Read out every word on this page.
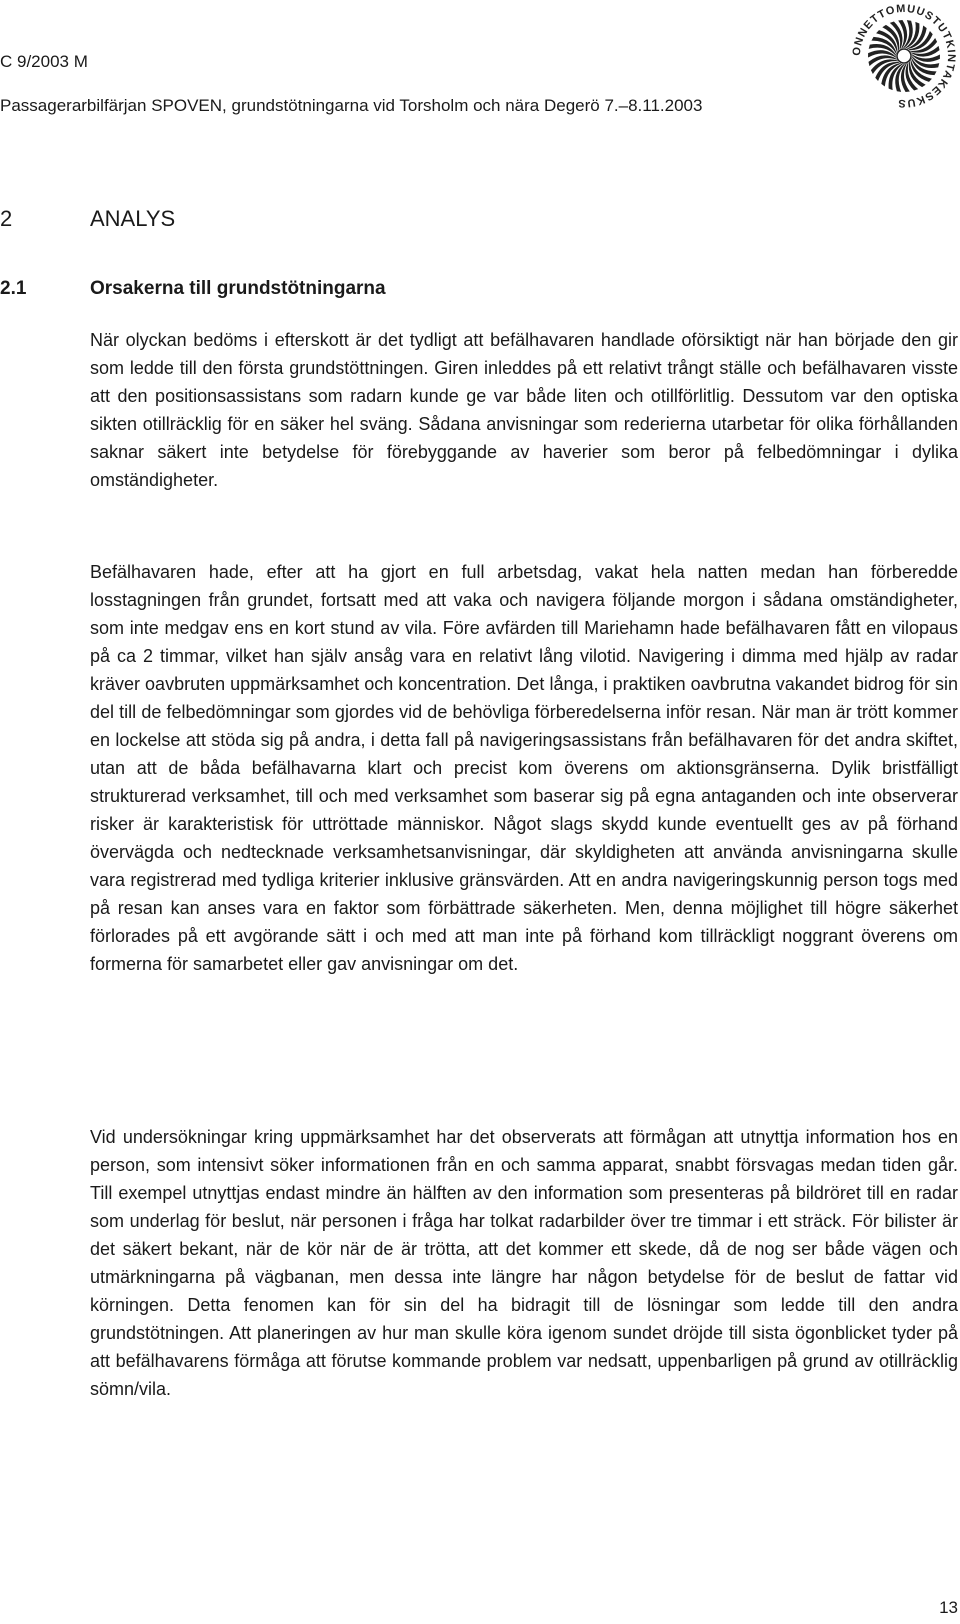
C 9/2003 M
Passagerarbilfärjan SPOVEN, grundstötningarna vid Torsholm och nära Degerö 7.–8.11.2003
ONNETTOMUUSTUTKINTAKESKUS
2	ANALYS
2.1	Orsakerna till grundstötningarna

När olyckan bedöms i efterskott är det tydligt att befälhavaren handlade oförsiktigt när han började den gir som ledde till den första grundstöttningen. Giren inleddes på ett relativt trångt ställe och befälhavaren visste att den positionsassistans som radarn kunde ge var både liten och otillförlitlig. Dessutom var den optiska sikten otillräcklig för en säker hel sväng. Sådana anvisningar som rederierna utarbetar för olika förhållanden saknar säkert inte betydelse för förebyggande av haverier som beror på felbedömningar i dylika omständigheter.

Befälhavaren hade, efter att ha gjort en full arbetsdag, vakat hela natten medan han förberedde losstagningen från grundet, fortsatt med att vaka och navigera följande morgon i sådana omständigheter, som inte medgav ens en kort stund av vila. Före avfärden till Mariehamn hade befälhavaren fått en vilopaus på ca 2 timmar, vilket han själv ansåg vara en relativt lång vilotid. Navigering i dimma med hjälp av radar kräver oavbruten uppmärksamhet och koncentration. Det långa, i praktiken oavbrutna vakandet bidrog för sin del till de felbedömningar som gjordes vid de behövliga förberedelserna inför resan. När man är trött kommer en lockelse att stöda sig på andra, i detta fall på navigeringsassistans från befälhavaren för det andra skiftet, utan att de båda befälhavarna klart och precist kom överens om aktionsgränserna. Dylik bristfälligt strukturerad verksamhet, till och med verksamhet som baserar sig på egna antaganden och inte observerar risker är karakteristisk för uttröttade människor. Något slags skydd kunde eventuellt ges av på förhand övervägda och nedtecknade verksamhetsanvisningar, där skyldigheten att använda anvisningarna skulle vara registrerad med tydliga kriterier inklusive gränsvärden. Att en andra navigeringskunnig person togs med på resan kan anses vara en faktor som förbättrade säkerheten. Men, denna möjlighet till högre säkerhet förlorades på ett avgörande sätt i och med att man inte på förhand kom tillräckligt noggrant överens om formerna för samarbetet eller gav anvisningar om det.

Vid undersökningar kring uppmärksamhet har det observerats att förmågan att utnyttja information hos en person, som intensivt söker informationen från en och samma apparat, snabbt försvagas medan tiden går. Till exempel utnyttjas endast mindre än hälften av den information som presenteras på bildröret till en radar som underlag för beslut, när personen i fråga har tolkat radarbilder över tre timmar i ett sträck. För bilister är det säkert bekant, när de kör när de är trötta, att det kommer ett skede, då de nog ser både vägen och utmärkningarna på vägbanan, men dessa inte längre har någon betydelse för de beslut de fattar vid körningen. Detta fenomen kan för sin del ha bidragit till de lösningar som ledde till den andra grundstötningen. Att planeringen av hur man skulle köra igenom sundet dröjde till sista ögonblicket tyder på att befälhavarens förmåga att förutse kommande problem var nedsatt, uppenbarligen på grund av otillräcklig sömn/vila.

13
